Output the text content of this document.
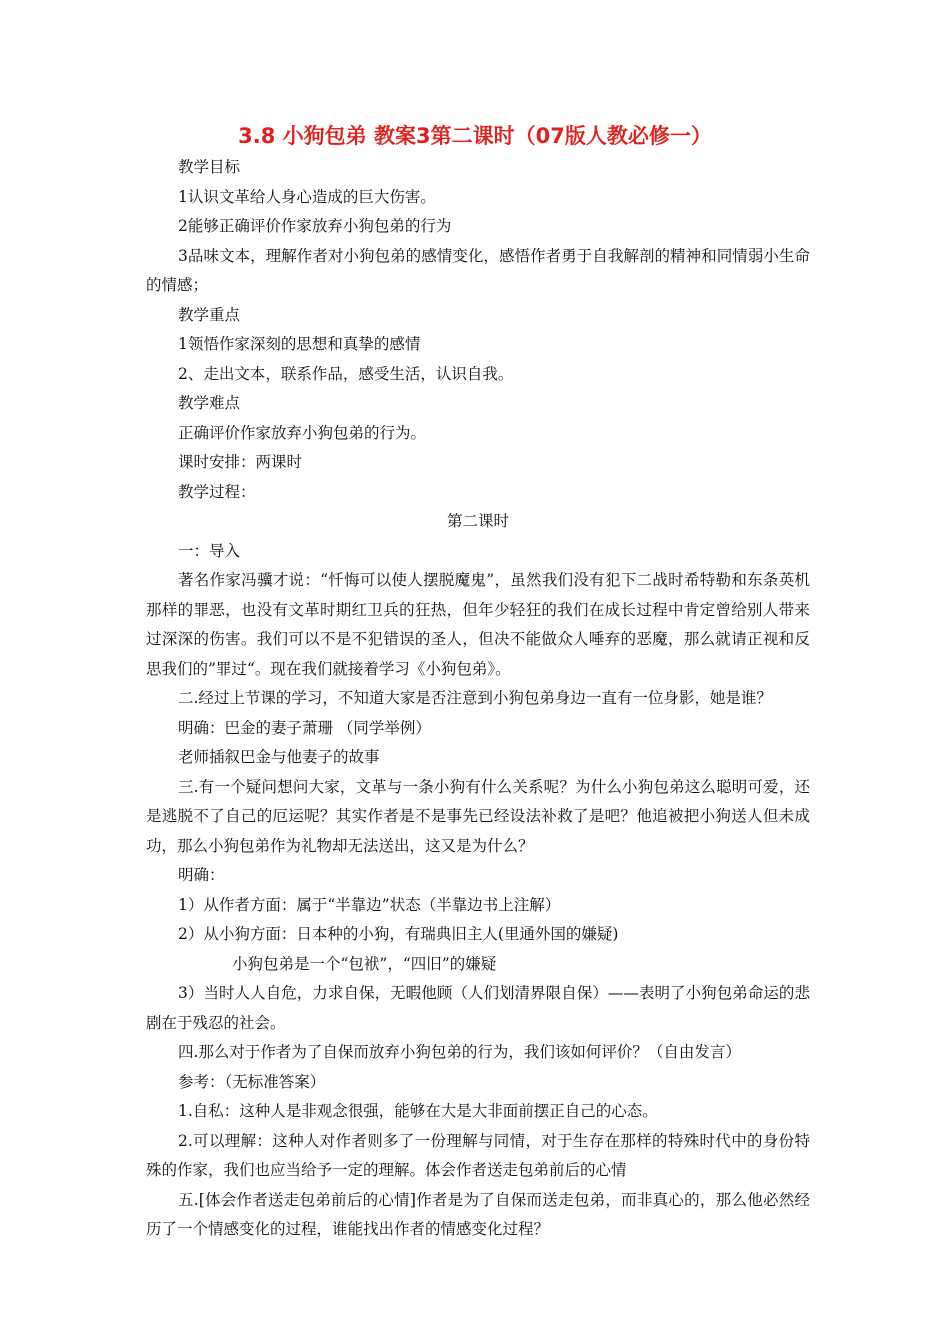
3.8 小狗包弟 教案3第二课时（07版人教必修一）

教学目标

1认识文革给人身心造成的巨大伤害。

2能够正确评价作家放弃小狗包弟的行为

3品味文本，理解作者对小狗包弟的感情变化，感悟作者勇于自我解剖的精神和同情弱小生命的情感；

教学重点

1领悟作家深刻的思想和真挚的感情

2、走出文本，联系作品，感受生活，认识自我。

教学难点

正确评价作家放弃小狗包弟的行为。

课时安排：两课时

教学过程：

第二课时

一：导入

著名作家冯骥才说：“忏悔可以使人摆脱魔鬼”，虽然我们没有犯下二战时希特勒和东条英机那样的罪恶，也没有文革时期红卫兵的狂热，但年少轻狂的我们在成长过程中肯定曾给别人带来过深深的伤害。我们可以不是不犯错误的圣人，但决不能做众人唾弃的恶魔，那么就请正视和反思我们的”罪过“。现在我们就接着学习《小狗包弟》。

二.经过上节课的学习，不知道大家是否注意到小狗包弟身边一直有一位身影，她是谁？

明确：巴金的妻子萧珊 （同学举例）

老师插叙巴金与他妻子的故事

三.有一个疑问想问大家，文革与一条小狗有什么关系呢？为什么小狗包弟这么聪明可爱，还是逃脱不了自己的厄运呢？其实作者是不是事先已经设法补救了是吧？他追被把小狗送人但未成功，那么小狗包弟作为礼物却无法送出，这又是为什么？

明确：

1）从作者方面：属于“半靠边”状态（半靠边书上注解）

2）从小狗方面：日本种的小狗，有瑞典旧主人(里通外国的嫌疑)

小狗包弟是一个“包袱”，“四旧”的嫌疑

3）当时人人自危，力求自保，无暇他顾（人们划清界限自保）——表明了小狗包弟命运的悲剧在于残忍的社会。

四.那么对于作者为了自保而放弃小狗包弟的行为，我们该如何评价？（自由发言）

参考：（无标准答案）

1.自私：这种人是非观念很强，能够在大是大非面前摆正自己的心态。

2.可以理解：这种人对作者则多了一份理解与同情，对于生存在那样的特殊时代中的身份特殊的作家，我们也应当给予一定的理解。体会作者送走包弟前后的心情

五.[体会作者送走包弟前后的心情]作者是为了自保而送走包弟，而非真心的，那么他必然经历了一个情感变化的过程，谁能找出作者的情感变化过程？
